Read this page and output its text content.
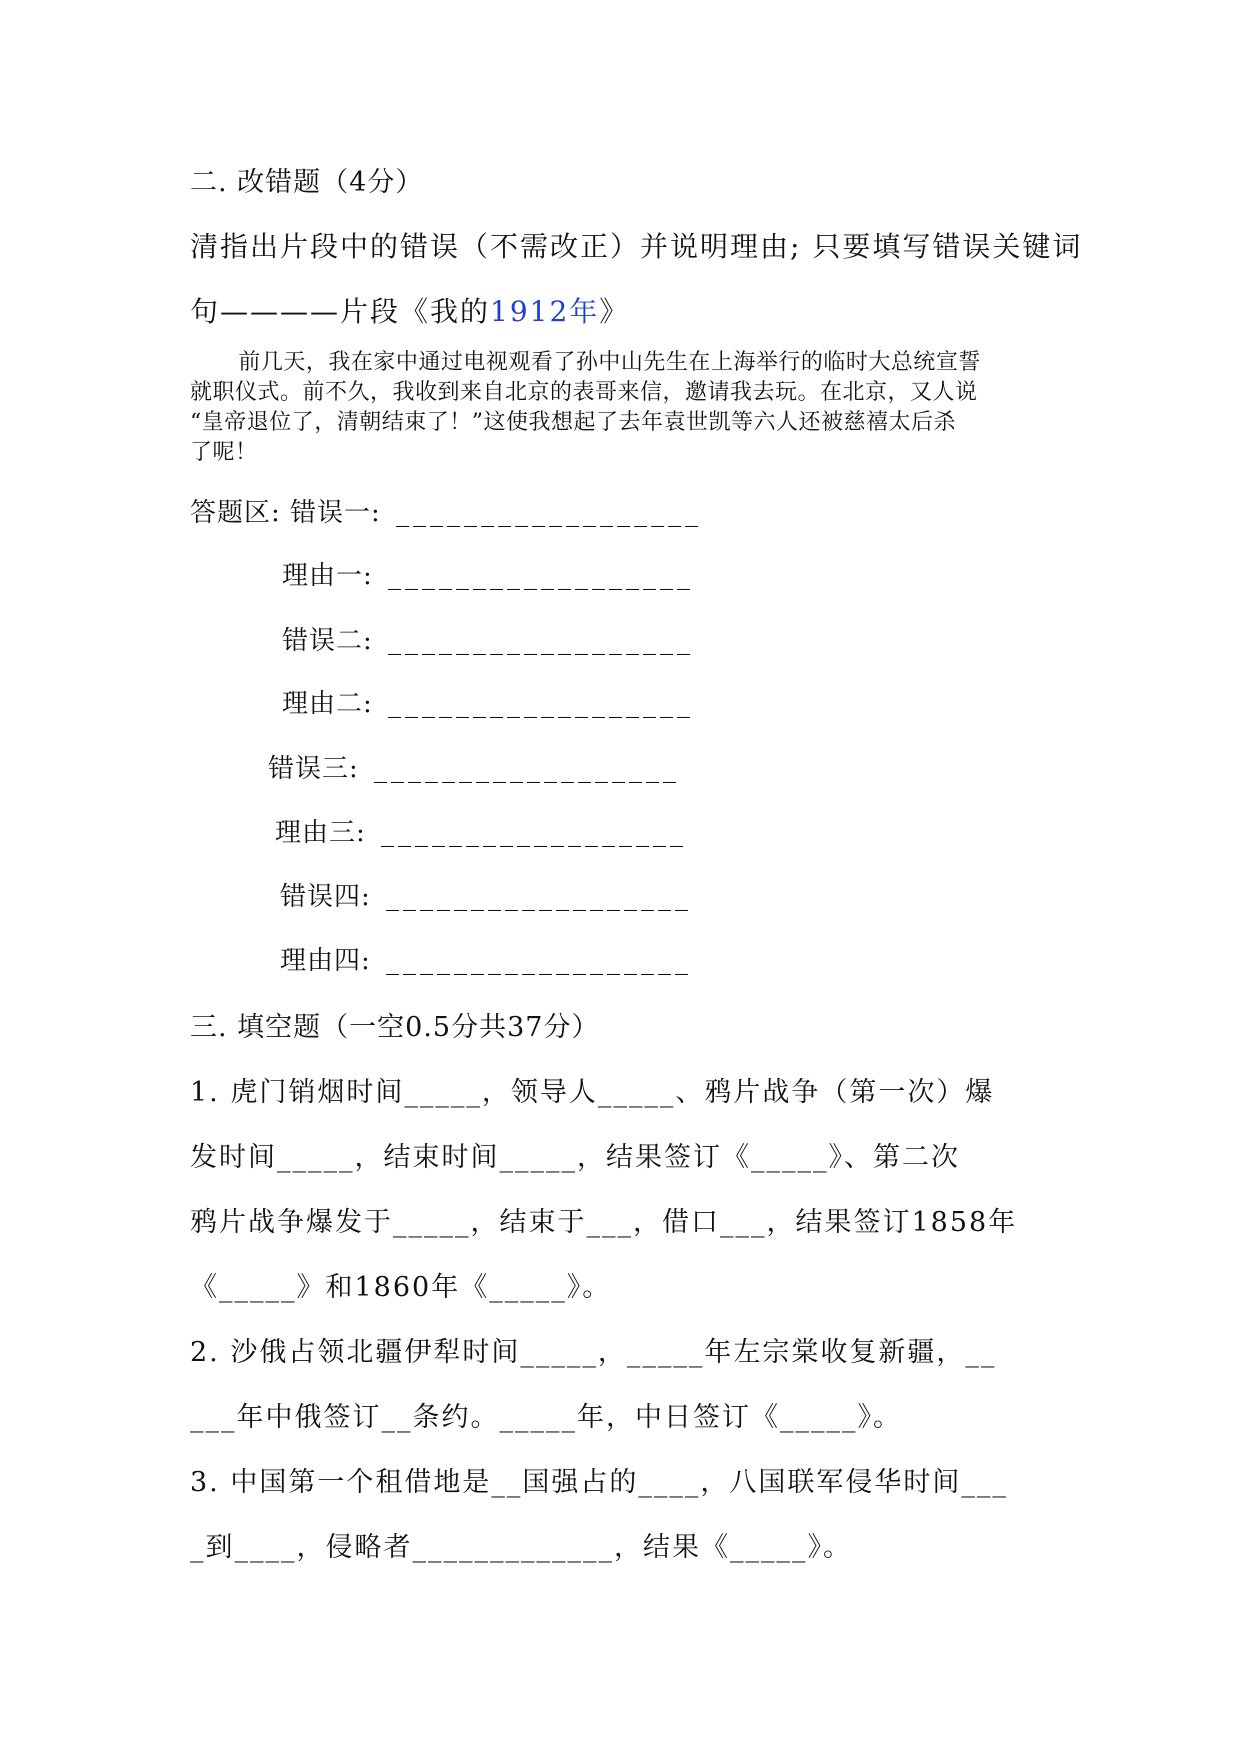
二. 改错题（4分）
清指出片段中的错误（不需改正）并说明理由; 只要填写错误关键词
句————片段《我的1912年》

前几天，我在家中通过电视观看了孙中山先生在上海举行的临时大总统宣誓

就职仪式。前不久，我收到来自北京的表哥来信，邀请我去玩。在北京，又人说
“皇帝退位了，清朝结束了！”这使我想起了去年袁世凯等六人还被慈禧太后杀
了呢！
答题区: 错误一: __________________
理由一: __________________
错误二: __________________
理由二: __________________
错误三: __________________
理由三: __________________
错误四: __________________
理由四: __________________
三. 填空题（一空0.5分共37分）
1. 虎门销烟时间_____，领导人_____、鸦片战争（第一次）爆
发时间_____，结束时间_____，结果签订《_____》、第二次
鸦片战争爆发于_____，结束于___，借口___，结果签订1858年
《_____》和1860年《_____》。
2. 沙俄占领北疆伊犁时间_____，_____年左宗棠收复新疆，__
___年中俄签订__条约。_____年，中日签订《_____》。
3. 中国第一个租借地是__国强占的____，八国联军侵华时间___
_到____，侵略者_____________，结果《_____》。
